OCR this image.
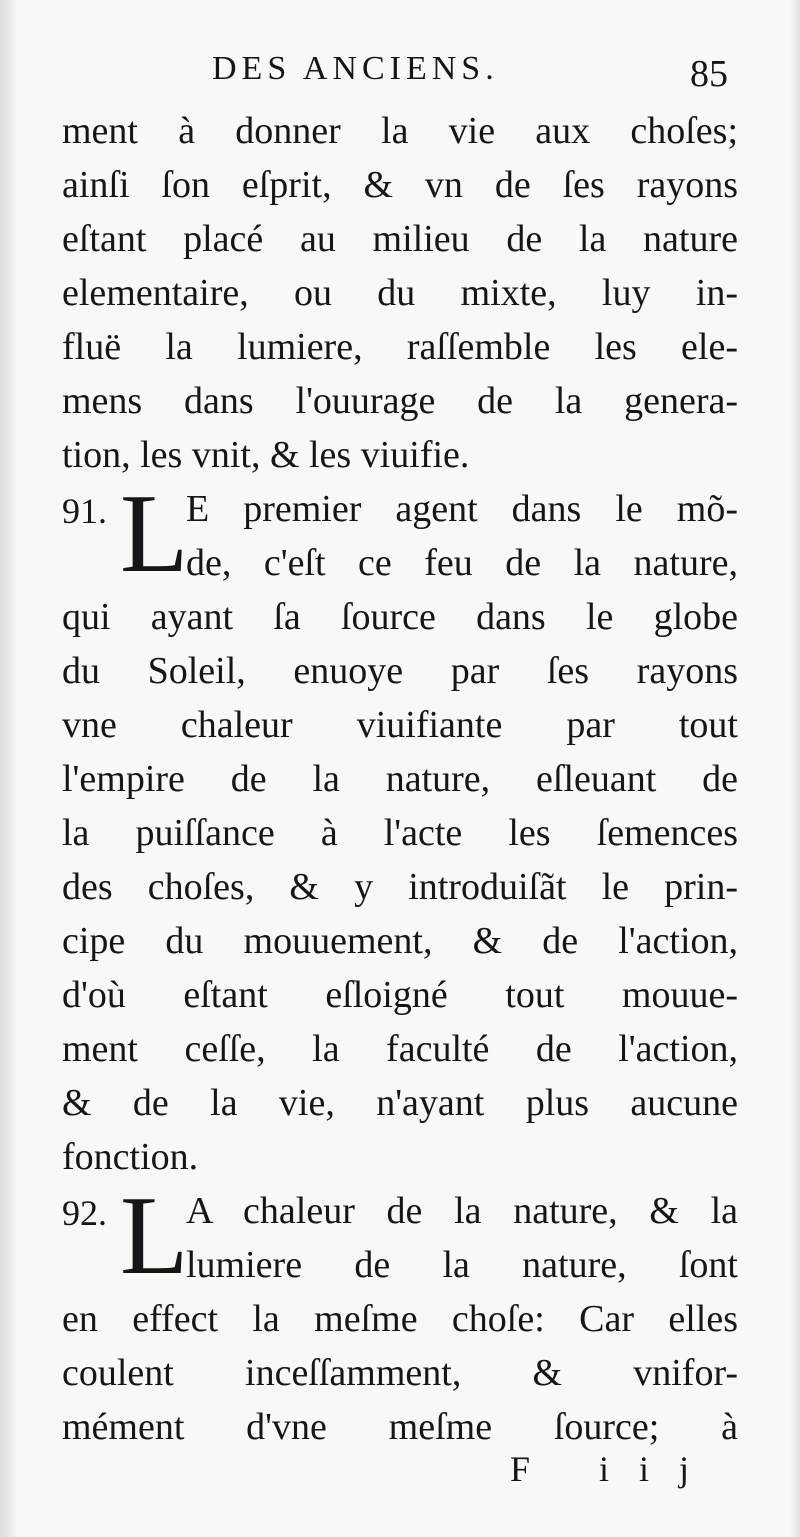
DES ANCIENS.	85
ment à donner la vie aux choſes;
ainſi ſon eſprit, & vn de ſes rayons
eſtant placé au milieu de la nature
elementaire, ou du mixte, luy in-
fluë la lumiere, raſſemble les ele-
mens dans l'ouurage de la genera-
tion, les vnit, & les viuifie.
91. L
E premier agent dans le mõ-
de, c'eſt ce feu de la nature,
qui ayant ſa ſource dans le globe
du Soleil, enuoye par ſes rayons
vne chaleur viuifiante par tout
l'empire de la nature, eſleuant de
la puiſſance à l'acte les ſemences
des choſes, & y introduiſãt le prin-
cipe du mouuement, & de l'action,
d'où eſtant eſloigné tout mouue-
ment ceſſe, la faculté de l'action,
& de la vie, n'ayant plus aucune
fonction.
92. L
A chaleur de la nature, & la
lumiere de la nature, ſont
en effect la meſme choſe: Car elles
coulent inceſſamment, & vnifor-
mément d'vne meſme ſource; à
F iij
